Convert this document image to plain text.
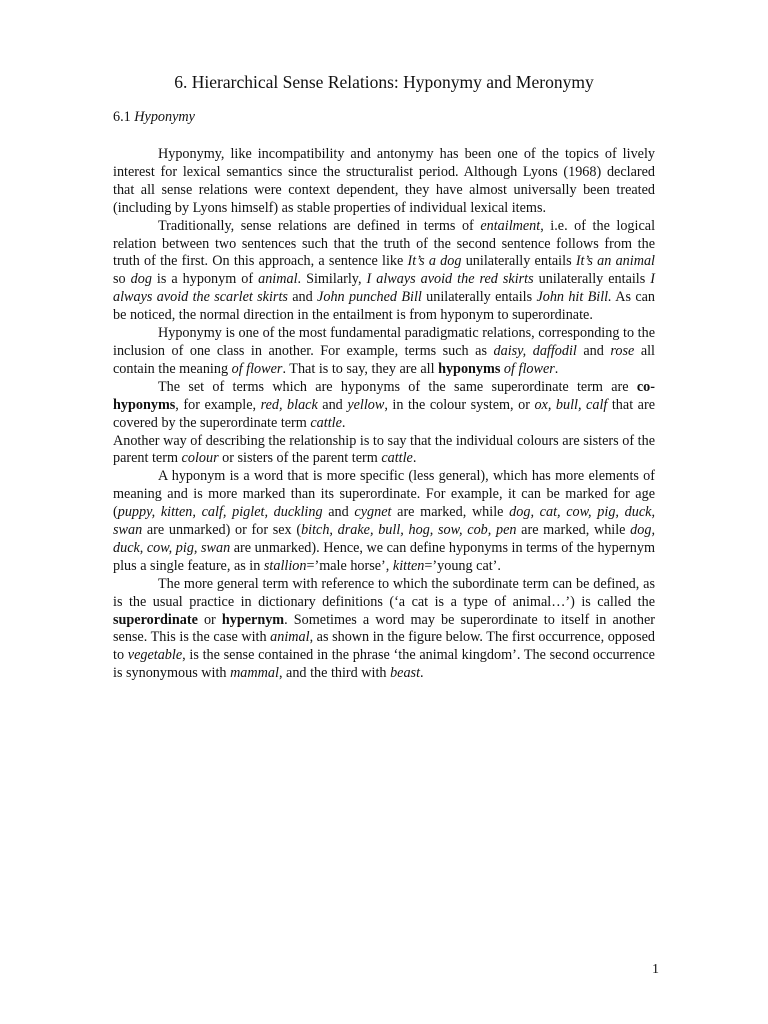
6. Hierarchical Sense Relations: Hyponymy and Meronymy
6.1 Hyponymy

Hyponymy, like incompatibility and antonymy has been one of the topics of lively interest for lexical semantics since the structuralist period. Although Lyons (1968) declared that all sense relations were context dependent, they have almost universally been treated (including by Lyons himself) as stable properties of individual lexical items.

Traditionally, sense relations are defined in terms of entailment, i.e. of the logical relation between two sentences such that the truth of the second sentence follows from the truth of the first. On this approach, a sentence like It’s a dog unilaterally entails It’s an animal so dog is a hyponym of animal. Similarly, I always avoid the red skirts unilaterally entails I always avoid the scarlet skirts and John punched Bill unilaterally entails John hit Bill. As can be noticed, the normal direction in the entailment is from hyponym to superordinate.

Hyponymy is one of the most fundamental paradigmatic relations, corresponding to the inclusion of one class in another. For example, terms such as daisy, daffodil and rose all contain the meaning of flower. That is to say, they are all hyponyms of flower.

The set of terms which are hyponyms of the same superordinate term are co-hyponyms, for example, red, black and yellow, in the colour system, or ox, bull, calf that are covered by the superordinate term cattle.

Another way of describing the relationship is to say that the individual colours are sisters of the parent term colour or sisters of the parent term cattle.

A hyponym is a word that is more specific (less general), which has more elements of meaning and is more marked than its superordinate. For example, it can be marked for age (puppy, kitten, calf, piglet, duckling and cygnet are marked, while dog, cat, cow, pig, duck, swan are unmarked) or for sex (bitch, drake, bull, hog, sow, cob, pen are marked, while dog, duck, cow, pig, swan are unmarked). Hence, we can define hyponyms in terms of the hypernym plus a single feature, as in stallion=’male horse’, kitten=’young cat’.

The more general term with reference to which the subordinate term can be defined, as is the usual practice in dictionary definitions (‘a cat is a type of animal…’) is called the superordinate or hypernym. Sometimes a word may be superordinate to itself in another sense. This is the case with animal, as shown in the figure below. The first occurrence, opposed to vegetable, is the sense contained in the phrase ‘the animal kingdom’. The second occurrence is synonymous with mammal, and the third with beast.

1
